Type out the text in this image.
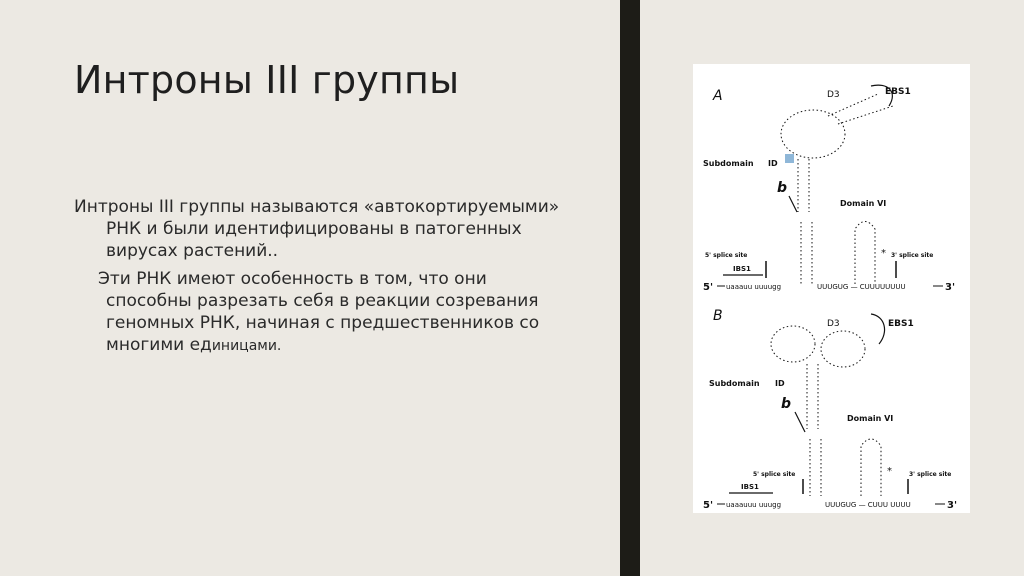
Интроны III группы

Интроны III группы называются «автокортируемыми» РНК и были идентифицированы в патогенных вирусах растений..

Эти РНК имеют особенность в том, что они способны разрезать себя в реакции созревания геномных РНК, начиная с предшественников со многими единицами.

A	D3	EBS1
Subdomain ID
b
Domain VI
*
5' splice site	3' splice site
IBS1
5' uaaauu uuuugg	UUUGUG — CUUUUUUUU	3'
B	D3	EBS1
Subdomain ID
b
Domain VI
*
5' splice site	3' splice site
IBS1
5' uaaauuu uuugg	UUUGUG — CUUU UUUU	3'
